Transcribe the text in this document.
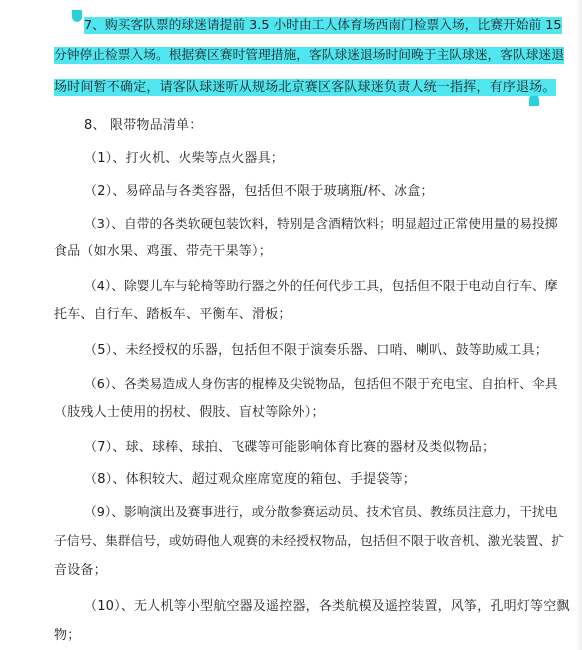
7、购买客队票的球迷请提前 3.5 小时由工人体育场西南门检票入场，比赛开始前 15
分钟停止检票入场。根据赛区赛时管理措施，客队球迷退场时间晚于主队球迷，客队球迷退
场时间暂不确定，请客队球迷听从规场北京赛区客队球迷负责人统一指挥，有序退场。
8、 限带物品清单：
（1）、打火机、火柴等点火器具；
（2）、易碎品与各类容器，包括但不限于玻璃瓶/杯、冰盒；
（3）、自带的各类软硬包装饮料，特别是含酒精饮料；明显超过正常使用量的易投掷
食品（如水果、鸡蛋、带壳干果等）；
（4）、除婴儿车与轮椅等助行器之外的任何代步工具，包括但不限于电动自行车、摩
托车、自行车、踏板车、平衡车、滑板；
（5）、未经授权的乐器，包括但不限于演奏乐器、口哨、喇叭、鼓等助威工具；
（6）、各类易造成人身伤害的棍棒及尖锐物品，包括但不限于充电宝、自拍杆、伞具
（肢残人士使用的拐杖、假肢、盲杖等除外）；
（7）、球、球棒、球拍、飞碟等可能影响体育比赛的器材及类似物品；
（8）、体积较大、超过观众座席宽度的箱包、手提袋等；
（9）、影响演出及赛事进行，或分散参赛运动员、技术官员、教练员注意力，干扰电
子信号、集群信号，或妨碍他人观赛的未经授权物品，包括但不限于收音机、激光装置、扩
音设备；
（10）、无人机等小型航空器及遥控器，各类航模及遥控装置，风筝，孔明灯等空飘
物；
